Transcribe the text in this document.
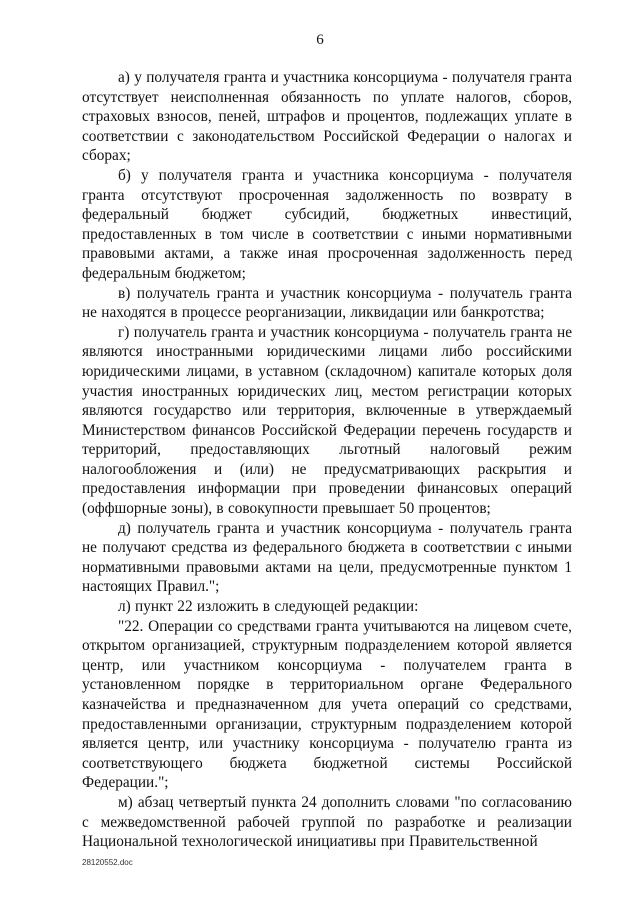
6

а) у получателя гранта и участника консорциума - получателя гранта отсутствует неисполненная обязанность по уплате налогов, сборов, страховых взносов, пеней, штрафов и процентов, подлежащих уплате в соответствии с законодательством Российской Федерации о налогах и сборах;

б) у получателя гранта и участника консорциума - получателя гранта отсутствуют просроченная задолженность по возврату в федеральный бюджет субсидий, бюджетных инвестиций, предоставленных в том числе в соответствии с иными нормативными правовыми актами, а также иная просроченная задолженность перед федеральным бюджетом;

в) получатель гранта и участник консорциума - получатель гранта не находятся в процессе реорганизации, ликвидации или банкротства;

г) получатель гранта и участник консорциума - получатель гранта не являются иностранными юридическими лицами либо российскими юридическими лицами, в уставном (складочном) капитале которых доля участия иностранных юридических лиц, местом регистрации которых являются государство или территория, включенные в утверждаемый Министерством финансов Российской Федерации перечень государств и территорий, предоставляющих льготный налоговый режим налогообложения и (или) не предусматривающих раскрытия и предоставления информации при проведении финансовых операций (оффшорные зоны), в совокупности превышает 50 процентов;

д) получатель гранта и участник консорциума - получатель гранта не получают средства из федерального бюджета в соответствии с иными нормативными правовыми актами на цели, предусмотренные пунктом 1 настоящих Правил.";

л) пункт 22 изложить в следующей редакции:

"22. Операции со средствами гранта учитываются на лицевом счете, открытом организацией, структурным подразделением которой является центр, или участником консорциума - получателем гранта в установленном порядке в территориальном органе Федерального казначейства и предназначенном для учета операций со средствами, предоставленными организации, структурным подразделением которой является центр, или участнику консорциума - получателю гранта из соответствующего бюджета бюджетной системы Российской Федерации.";

м) абзац четвертый пункта 24 дополнить словами "по согласованию с межведомственной рабочей группой по разработке и реализации Национальной технологической инициативы при Правительственной

28120552.doc
